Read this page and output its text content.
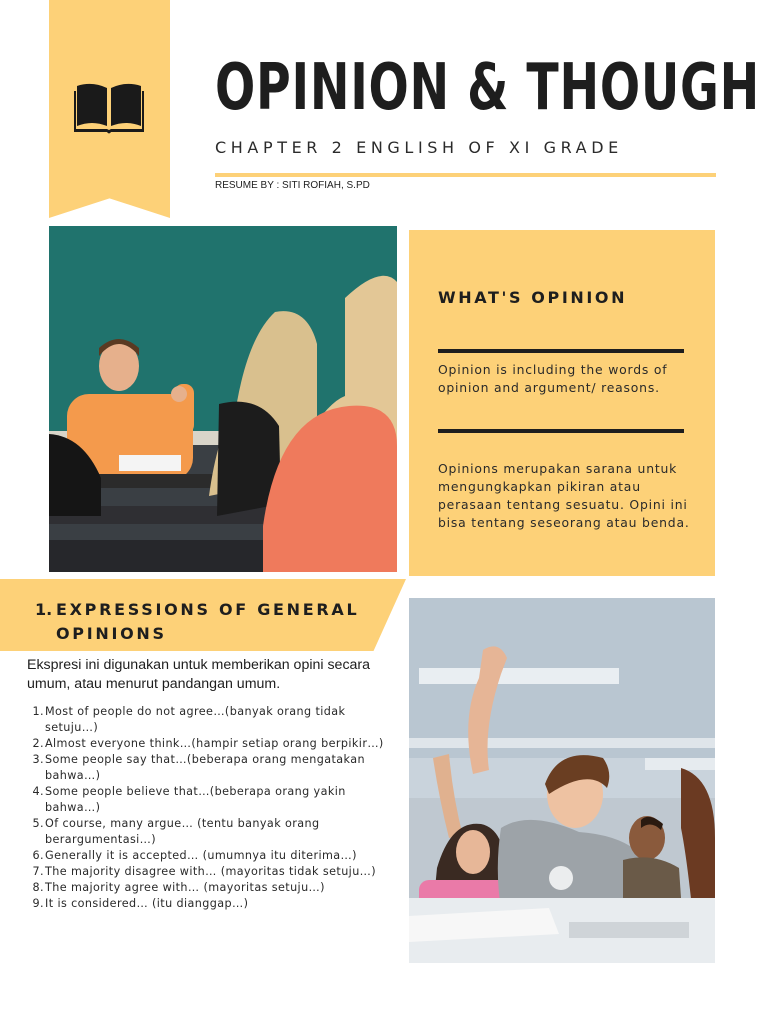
OPINION & THOUGH
CHAPTER 2 ENGLISH OF XI GRADE
RESUME BY : SITI ROFIAH, S.PD
WHAT'S OPINION
Opinion is including the words of opinion and argument/ reasons.
Opinions merupakan sarana untuk mengungkapkan pikiran atau perasaan tentang sesuatu. Opini ini bisa tentang seseorang atau benda.
1. EXPRESSIONS OF GENERAL OPINIONS
Ekspresi ini digunakan untuk memberikan opini secara umum, atau menurut pandangan umum.
1. Most of people do not agree…(banyak orang tidak setuju…)
2. Almost everyone think…(hampir setiap orang berpikir…)
3. Some people say that…(beberapa orang mengatakan bahwa…)
4. Some people believe that…(beberapa orang yakin bahwa…)
5. Of course, many argue… (tentu banyak orang berargumentasi…)
6. Generally it is accepted… (umumnya itu diterima…)
7. The majority disagree with… (mayoritas tidak setuju…)
8. The majority agree with… (mayoritas setuju…)
9. It is considered… (itu dianggap…)
